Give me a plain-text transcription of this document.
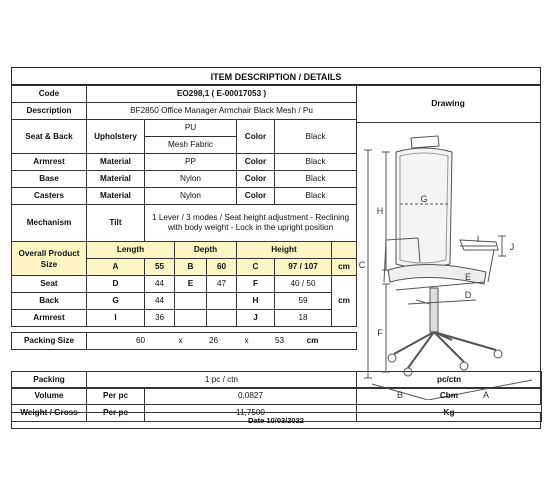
ITEM DESCRIPTION / DETAILS
Code	EO298,1 ( E-00017053 )						
Description	BF2850 Office Manager Armchair Black Mesh / Pu						
Seat & Back	Upholstery	PU			Color	Black	
		Mesh Fabric					
Armrest	Material	PP			Color	Black	
Base	Material	Nylon			Color	Black	
Casters	Material	Nylon			Color	Black	
Mechanism	Tilt	1 Lever / 3 modes / Seat height adjustment - Reclining with body weight - Lock in the upright position					
Overall Product Size	Length		Depth		Height		
	A	55	B	60	C	97 / 107	cm
Seat	D	44	E	47	F	40 / 50	cm
Back	G	44			H	59	
Armrest	I	36			J	18	

Packing Size	60 x 26 x 53 cm						
Packing	1 pc / ctn	pc/ctn
Drawing
C
H
F
G
I
J
E
D
B	A
Volume	Per pc	0,0827	Cbm
Weight / Gross	Per pc	11,7500	Kg
Date 10/03/2022
